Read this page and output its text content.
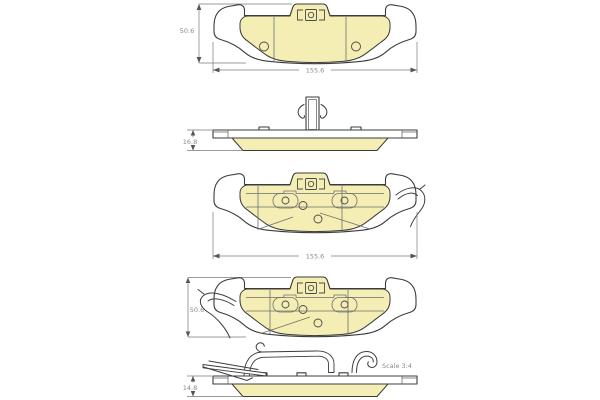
50.6
155.6
16.8
155.6
50.6
14.8
Scale 3:4
